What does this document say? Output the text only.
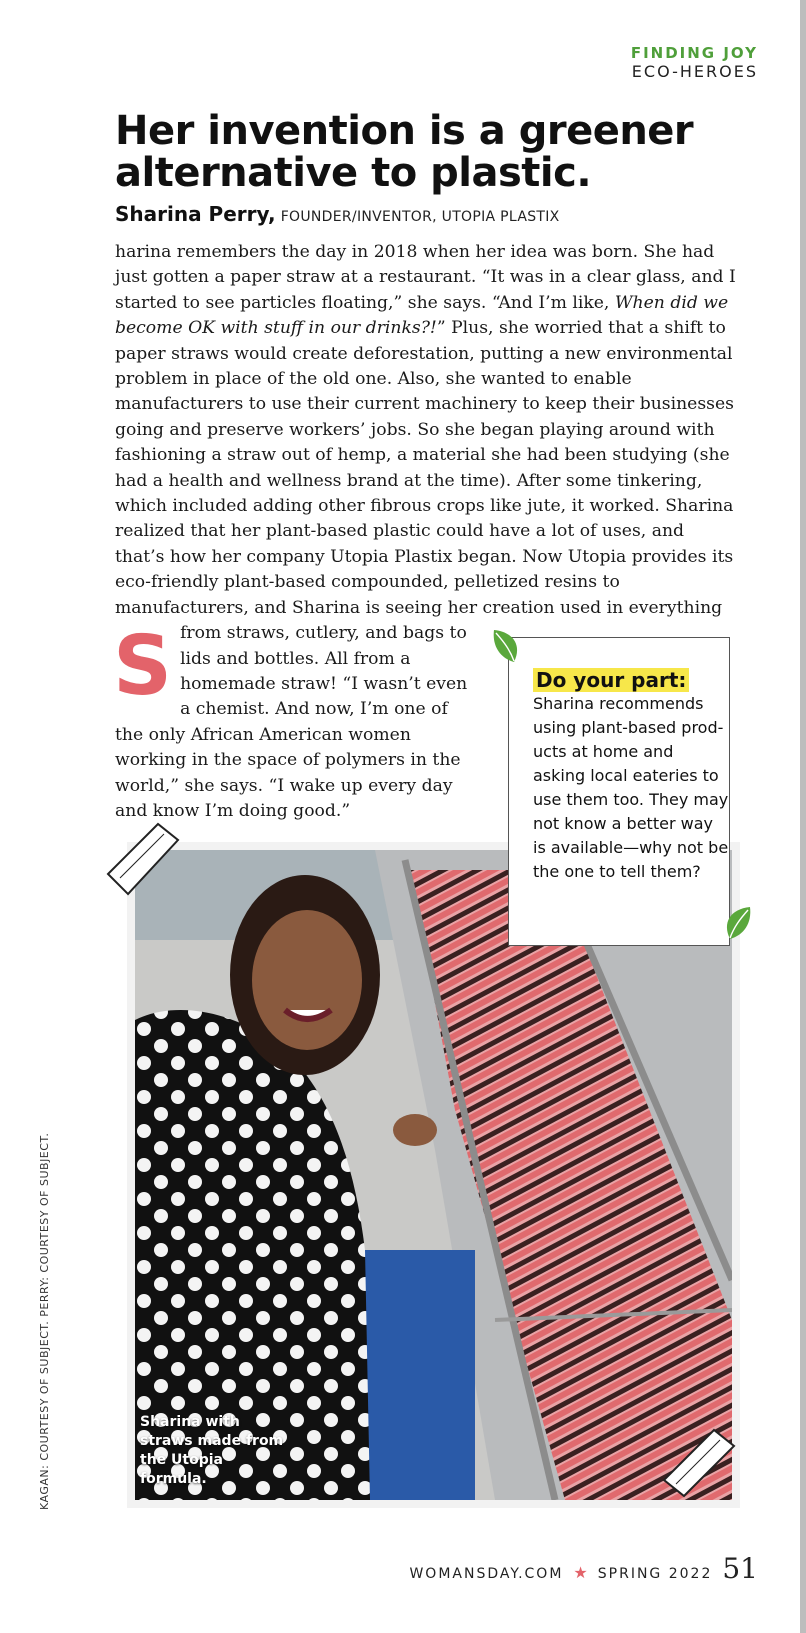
FINDING JOY
ECO-HEROES
Her invention is a greener alternative to plastic.
Sharina Perry, FOUNDER/INVENTOR, UTOPIA PLASTIX

S
harina remembers the day in 2018 when her idea was born. She had just gotten a paper straw at a restaurant. “It was in a clear glass, and I started to see particles floating,” she says. “And I’m like, When did we become OK with stuff in our drinks?!” Plus, she worried that a shift to paper straws would create deforestation, putting a new environmental problem in place of the old one. Also, she wanted to enable manufacturers to use their current machinery to keep their businesses going and preserve workers’ jobs. So she began playing around with fashioning a straw out of hemp, a material she had been studying (she had a health and wellness brand at the time). After some tinkering, which included adding other fibrous crops like jute, it worked. Sharina realized that her plant-based plastic could have a lot of uses, and that’s how her company Utopia Plastix began. Now Utopia provides its eco-friendly plant-based compounded, pelletized resins to manufacturers, and Sharina is seeing her creation used in everything from straws, cutlery, and bags to lids and bottles. All from a homemade straw! “I wasn’t even a chemist. And now, I’m one of the only African American women working in the space of polymers in the world,” she says. “I wake up every day and know I’m doing good.”

Do your part:
Sharina recommends using plant-based products at home and asking local eateries to use them too. They may not know a better way is available—why not be the one to tell them?
Sharina with straws made from the Utopia formula.
KAGAN: COURTESY OF SUBJECT. PERRY: COURTESY OF SUBJECT.
WOMANSDAY.COM ★ SPRING 2022 51
